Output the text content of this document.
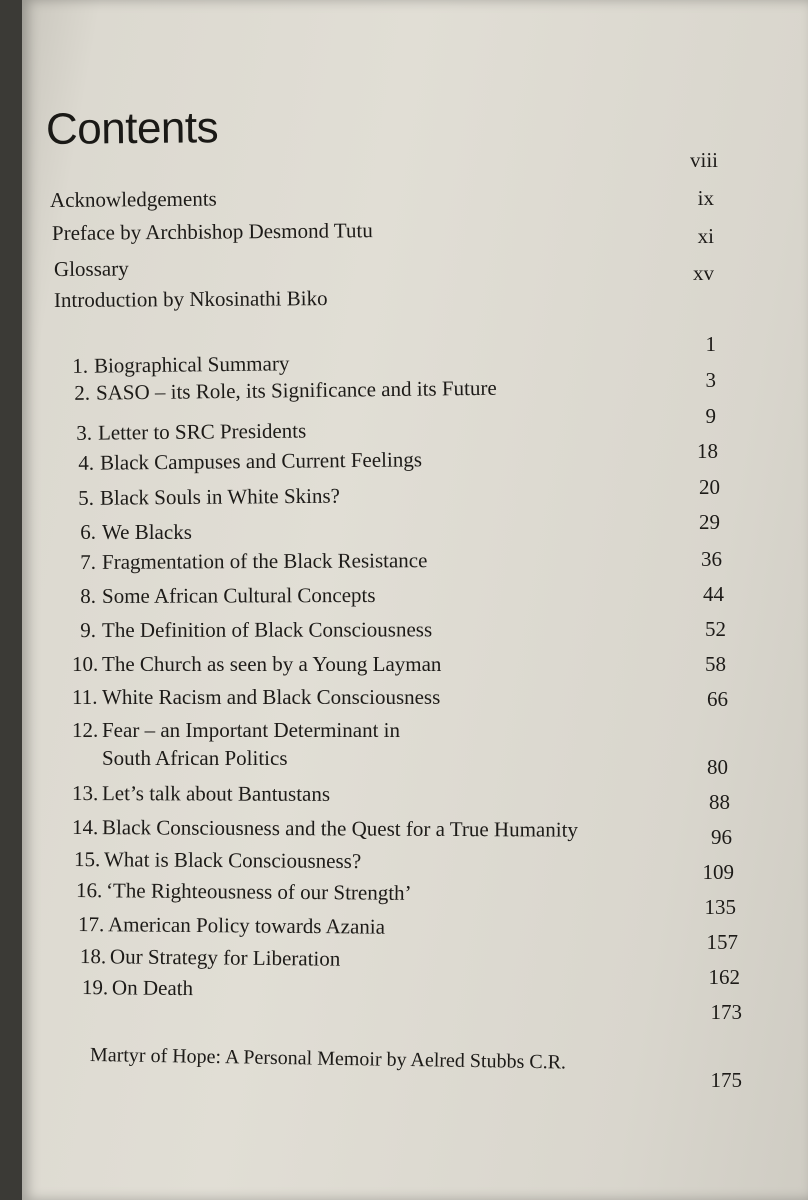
Contents
Acknowledgements
Preface by Archbishop Desmond Tutu
Glossary
Introduction by Nkosinathi Biko
viii
ix
xi
xv
1. Biographical Summary
2. SASO – its Role, its Significance and its Future
3. Letter to SRC Presidents
4. Black Campuses and Current Feelings
5. Black Souls in White Skins?
6. We Blacks
7. Fragmentation of the Black Resistance
8. Some African Cultural Concepts
9. The Definition of Black Consciousness
10. The Church as seen by a Young Layman
11. White Racism and Black Consciousness
12. Fear – an Important Determinant in
South African Politics
13. Let’s talk about Bantustans
14. Black Consciousness and the Quest for a True Humanity
15. What is Black Consciousness?
16. ‘The Righteousness of our Strength’
17. American Policy towards Azania
18. Our Strategy for Liberation
19. On Death
1
3
9
18
20
29
36
44
52
58
66
80
88
96
109
135
157
162
173
Martyr of Hope: A Personal Memoir by Aelred Stubbs C.R.
175
